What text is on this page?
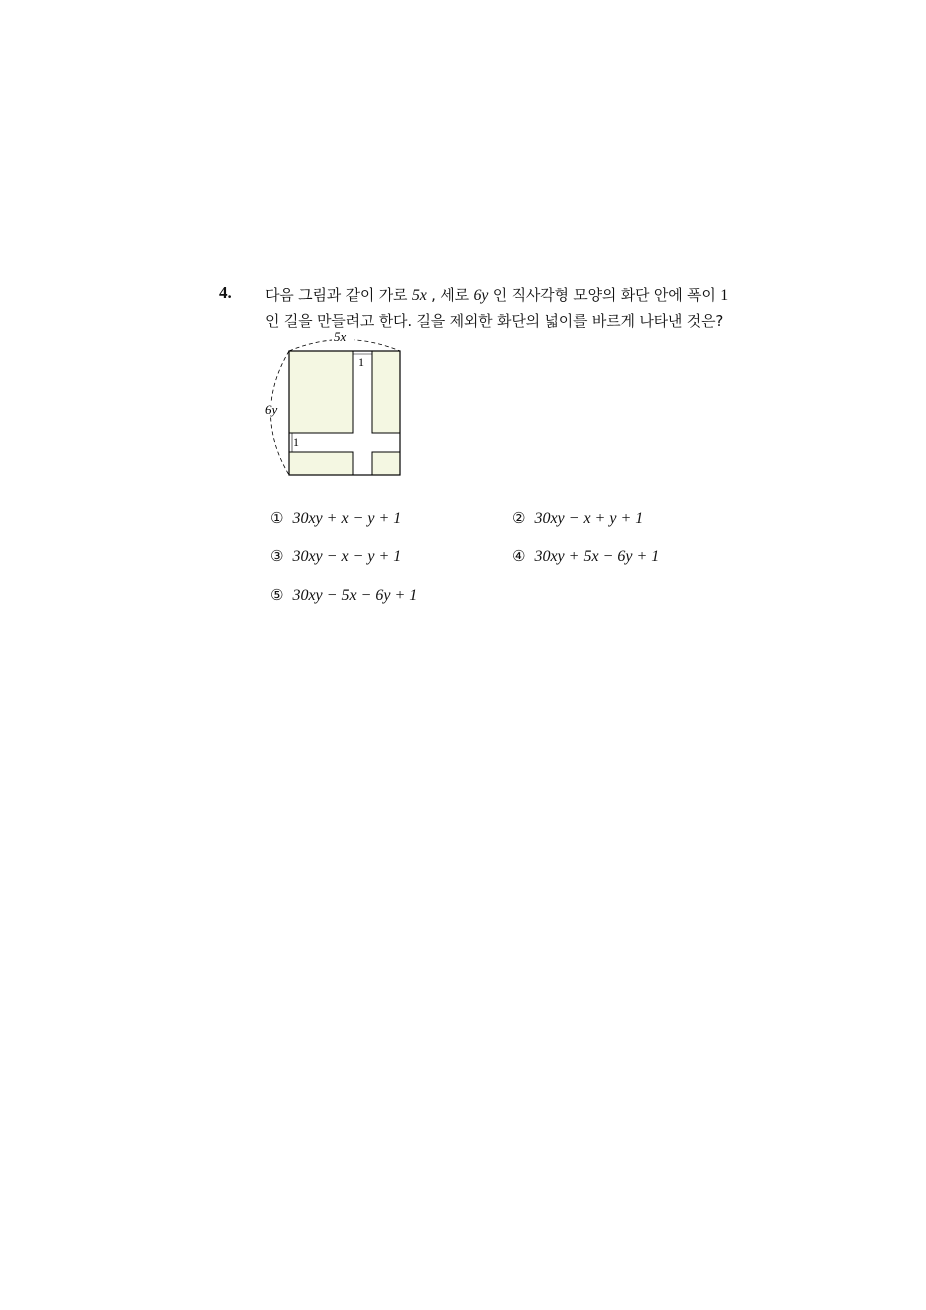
4. 다음 그림과 같이 가로 5x , 세로 6y 인 직사각형 모양의 화단 안에 폭이 1
인 길을 만들려고 한다. 길을 제외한 화단의 넓이를 바르게 나타낸 것은?
5x
6y
1
1
① 30xy + x − y + 1	② 30xy − x + y + 1
③ 30xy − x − y + 1	④ 30xy + 5x − 6y + 1
⑤ 30xy − 5x − 6y + 1
